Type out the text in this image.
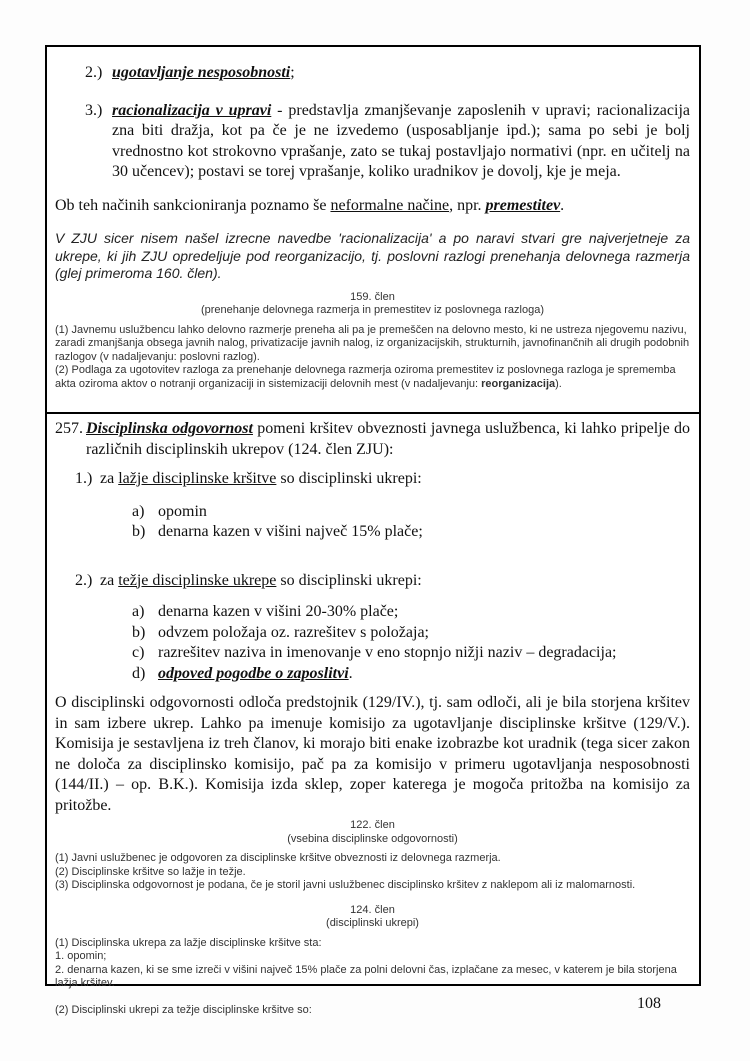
2.) ugotavljanje nesposobnosti;

3.) racionalizacija v upravi - predstavlja zmanjševanje zaposlenih v upravi; racionalizacija zna biti dražja, kot pa če je ne izvedemo (usposabljanje ipd.); sama po sebi je bolj vrednostno kot strokovno vprašanje, zato se tukaj postavljajo normativi (npr. en učitelj na 30 učencev); postavi se torej vprašanje, koliko uradnikov je dovolj, kje je meja.

Ob teh načinih sankcioniranja poznamo še neformalne načine, npr. premestitev.

V ZJU sicer nisem našel izrecne navedbe 'racionalizacija' a po naravi stvari gre najverjetneje za ukrepe, ki jih ZJU opredeljuje pod reorganizacijo, tj. poslovni razlogi prenehanja delovnega razmerja (glej primeroma 160. člen).

159. člen
(prenehanje delovnega razmerja in premestitev iz poslovnega razloga)

(1) Javnemu uslužbencu lahko delovno razmerje preneha ali pa je premeščen na delovno mesto, ki ne ustreza njegovemu nazivu, zaradi zmanjšanja obsega javnih nalog, privatizacije javnih nalog, iz organizacijskih, strukturnih, javnofinančnih ali drugih podobnih razlogov (v nadaljevanju: poslovni razlog).

(2) Podlaga za ugotovitev razloga za prenehanje delovnega razmerja oziroma premestitev iz poslovnega razloga je sprememba akta oziroma aktov o notranji organizaciji in sistemizaciji delovnih mest (v nadaljevanju: reorganizacija).

257. Disciplinska odgovornost pomeni kršitev obveznosti javnega uslužbenca, ki lahko pripelje do različnih disciplinskih ukrepov (124. člen ZJU):

1.) za lažje disciplinske kršitve so disciplinski ukrepi:

a) opomin
b) denarna kazen v višini največ 15% plače;

2.) za težje disciplinske ukrepe so disciplinski ukrepi:

a) denarna kazen v višini 20-30% plače;
b) odvzem položaja oz. razrešitev s položaja;
c) razrešitev naziva in imenovanje v eno stopnjo nižji naziv – degradacija;
d) odpoved pogodbe o zaposlitvi.

O disciplinski odgovornosti odloča predstojnik (129/IV.), tj. sam odloči, ali je bila storjena kršitev in sam izbere ukrep. Lahko pa imenuje komisijo za ugotavljanje disciplinske kršitve (129/V.). Komisija je sestavljena iz treh članov, ki morajo biti enake izobrazbe kot uradnik (tega sicer zakon ne določa za disciplinsko komisijo, pač pa za komisijo v primeru ugotavljanja nesposobnosti (144/II.) – op. B.K.). Komisija izda sklep, zoper katerega je mogoča pritožba na komisijo za pritožbe.

122. člen
(vsebina disciplinske odgovornosti)

(1) Javni uslužbenec je odgovoren za disciplinske kršitve obveznosti iz delovnega razmerja.

(2) Disciplinske kršitve so lažje in težje.

(3) Disciplinska odgovornost je podana, če je storil javni uslužbenec disciplinsko kršitev z naklepom ali iz malomarnosti.

124. člen
(disciplinski ukrepi)

(1) Disciplinska ukrepa za lažje disciplinske kršitve sta:

1. opomin;

2. denarna kazen, ki se sme izreči v višini največ 15% plače za polni delovni čas, izplačane za mesec, v katerem je bila storjena lažja kršitev.

(2) Disciplinski ukrepi za težje disciplinske kršitve so:	108
